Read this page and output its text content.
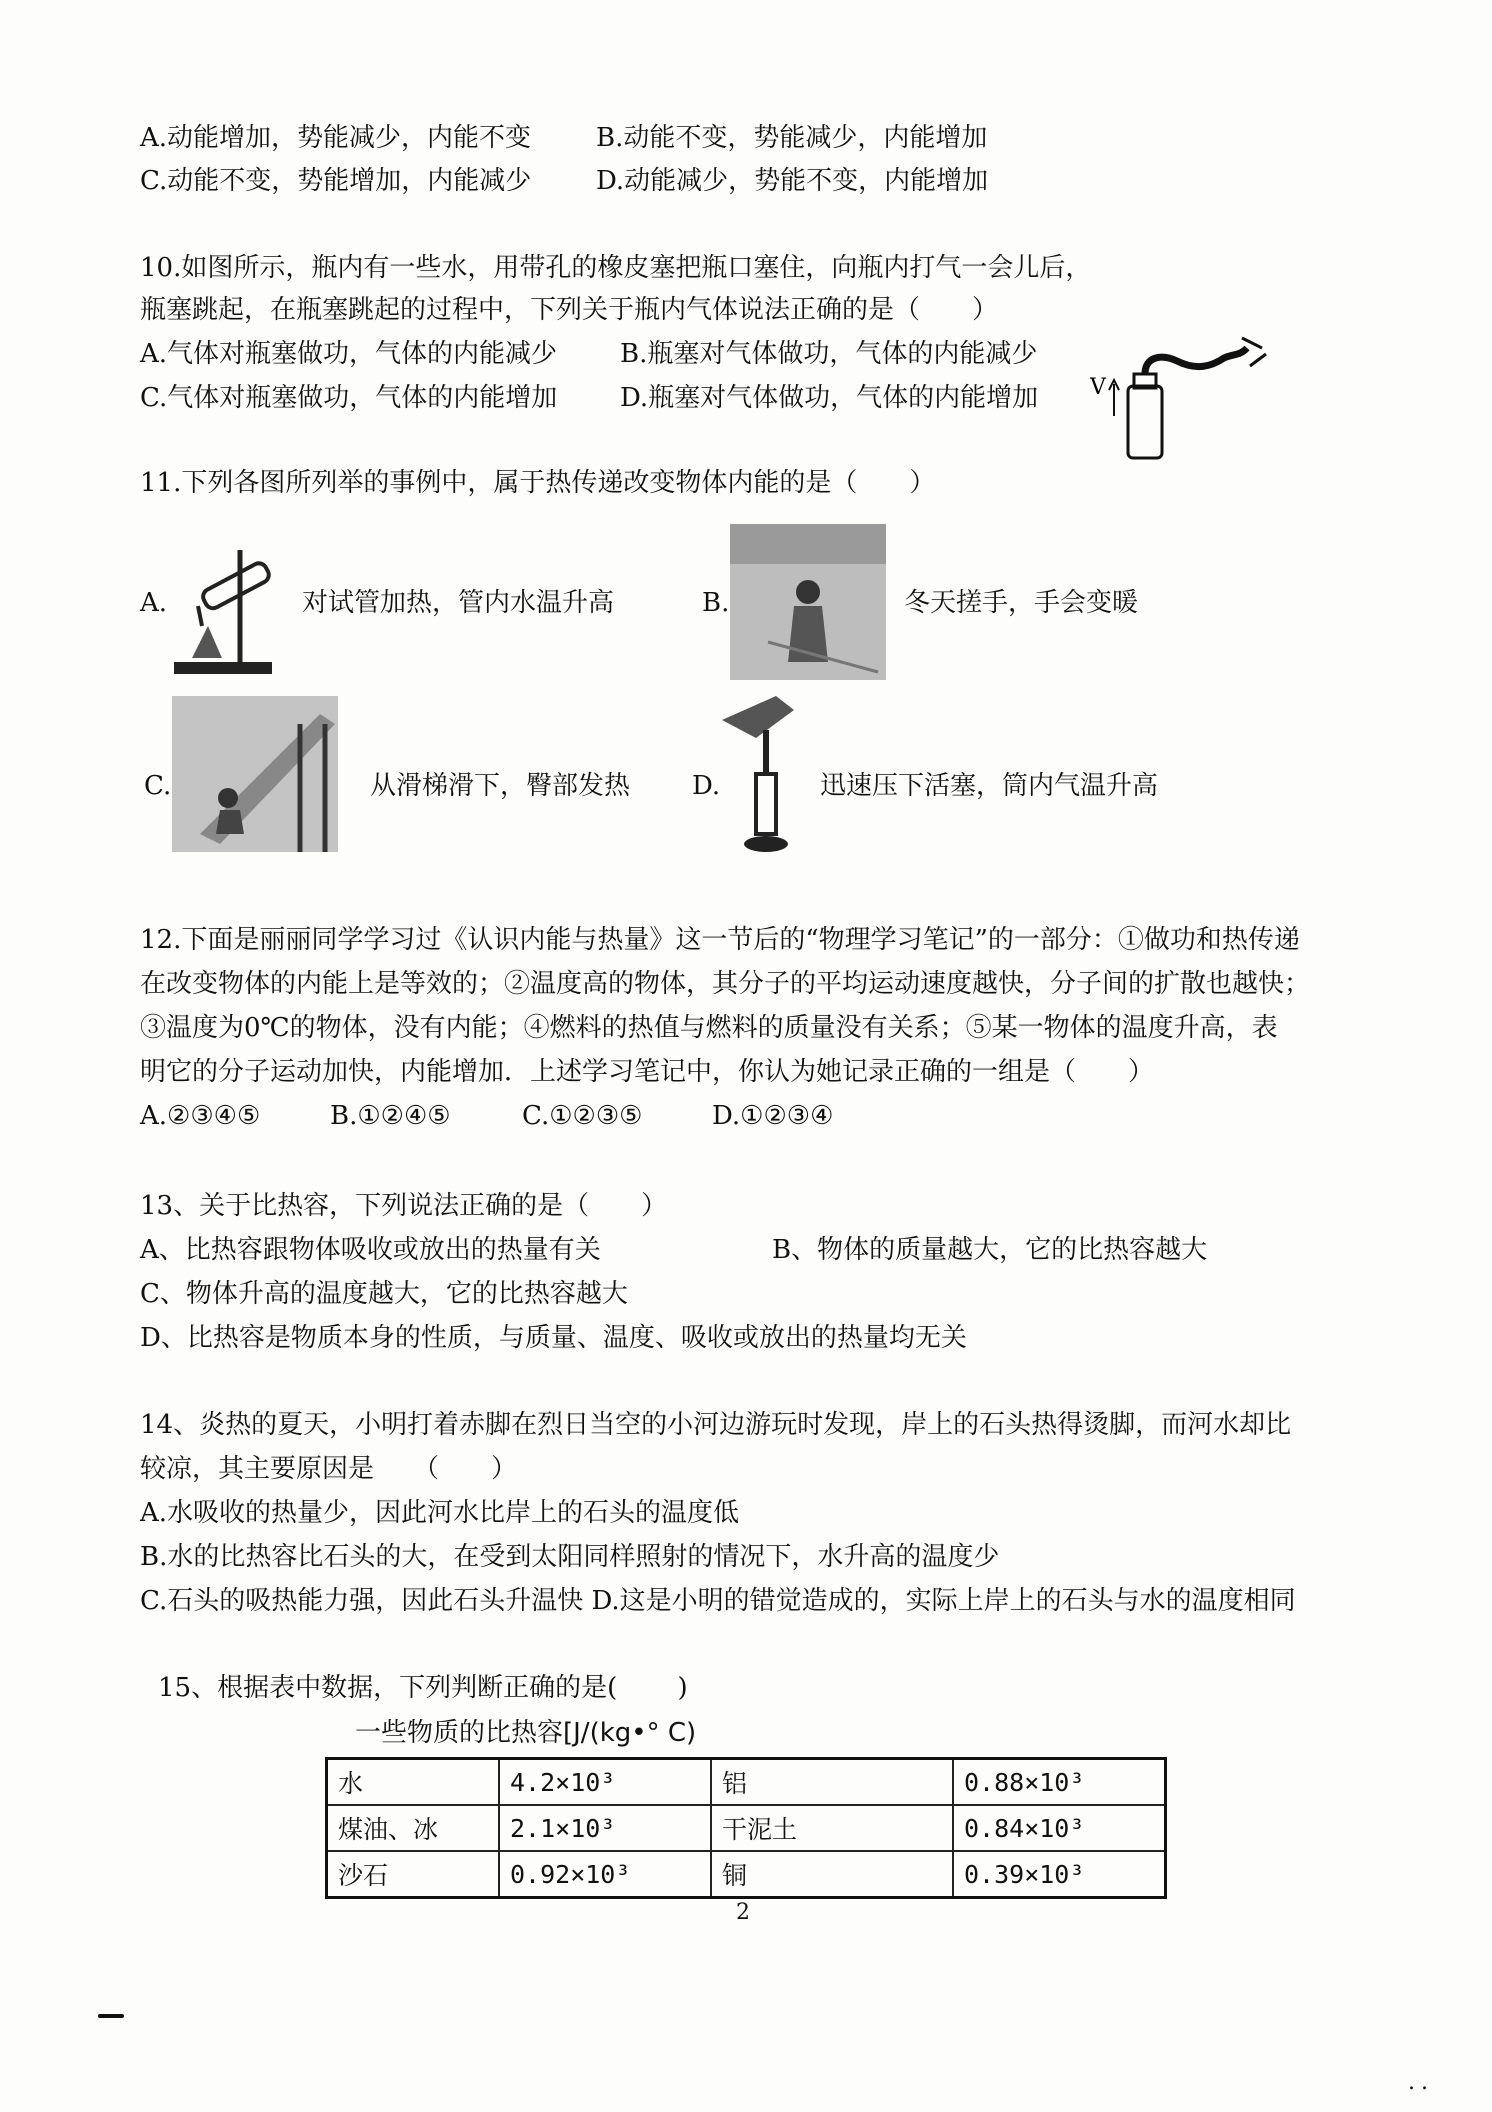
A.动能增加，势能减少，内能不变 B.动能不变，势能减少，内能增加
C.动能不变，势能增加，内能减少 D.动能减少，势能不变，内能增加
10.如图所示，瓶内有一些水，用带孔的橡皮塞把瓶口塞住，向瓶内打气一会儿后，
瓶塞跳起，在瓶塞跳起的过程中，下列关于瓶内气体说法正确的是（　　）
A.气体对瓶塞做功，气体的内能减少 B.瓶塞对气体做功，气体的内能减少
C.气体对瓶塞做功，气体的内能增加 D.瓶塞对气体做功，气体的内能增加 V
11.下列各图所列举的事例中，属于热传递改变物体内能的是（　　）
A.	对试管加热，管内水温升高	B.	冬天搓手，手会变暖
C.	从滑梯滑下，臀部发热 D.	迅速压下活塞，筒内气温升高
12.下面是丽丽同学学习过《认识内能与热量》这一节后的“物理学习笔记”的一部分：①做功和热传递
在改变物体的内能上是等效的；②温度高的物体，其分子的平均运动速度越快，分子间的扩散也越快；
③温度为0℃的物体，没有内能；④燃料的热值与燃料的质量没有关系；⑤某一物体的温度升高，表
明它的分子运动加快，内能增加．上述学习笔记中，你认为她记录正确的一组是（　　）
A.②③④⑤	B.①②④⑤	C.①②③⑤	D.①②③④
13、关于比热容，下列说法正确的是（　　）
A、比热容跟物体吸收或放出的热量有关	B、物体的质量越大，它的比热容越大
C、物体升高的温度越大，它的比热容越大
D、比热容是物质本身的性质，与质量、温度、吸收或放出的热量均无关
14、炎热的夏天，小明打着赤脚在烈日当空的小河边游玩时发现，岸上的石头热得烫脚，而河水却比
较凉，其主要原因是　　（　　）
A.水吸收的热量少，因此河水比岸上的石头的温度低
B.水的比热容比石头的大，在受到太阳同样照射的情况下，水升高的温度少
C.石头的吸热能力强，因此石头升温快 D.这是小明的错觉造成的，实际上岸上的石头与水的温度相同
15、根据表中数据，下列判断正确的是(　　 )
一些物质的比热容[J/(kg•° C)
水	4.2×10³	铝	0.88×10³
煤油、冰	2.1×10³	干泥土	0.84×10³
沙石	0.92×10³	铜	0.39×10³
2
..
